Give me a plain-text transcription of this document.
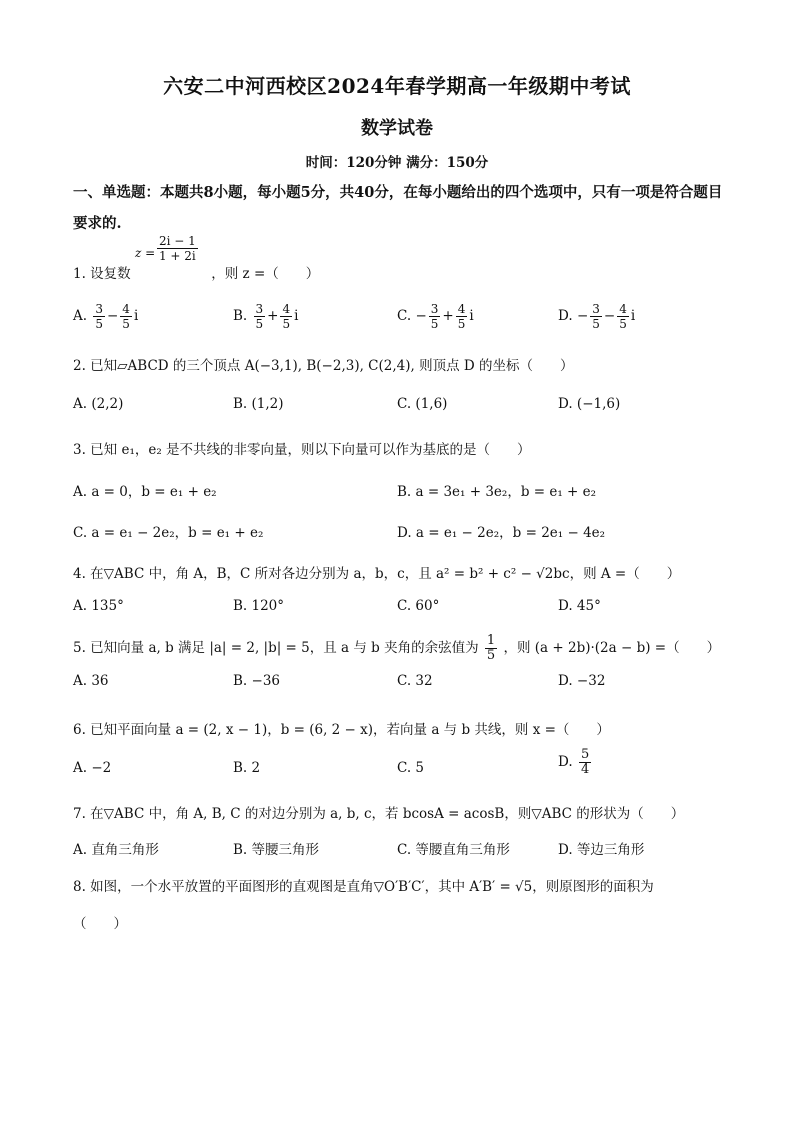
六安二中河西校区2024年春学期高一年级期中考试
数学试卷
时间：120分钟 满分：150分
一、单选题：本题共8小题，每小题5分，共40分，在每小题给出的四个选项中，只有一项是符合题目要求的.
1. 设复数
$z = \frac{2i - 1}{1 + 2i}$
，则 z =（　　）
A. $\frac{3}{5} - \frac{4}{5}$ i	B. $\frac{3}{5} + \frac{4}{5}$ i	C. − $\frac{3}{5} + \frac{4}{5}$ i	D. − $\frac{3}{5} - \frac{4}{5}$ i
2. 已知▱ABCD 的三个顶点 A(−3,1), B(−2,3), C(2,4), 则顶点 D 的坐标（　　）
A. (2,2)	B. (1,2)	C. (1,6)	D. (−1,6)
3. 已知 e₁，e₂ 是不共线的非零向量，则以下向量可以作为基底的是（　　）
A. a = 0，b = e₁ + e₂	B. a = 3e₁ + 3e₂，b = e₁ + e₂
C. a = e₁ − 2e₂，b = e₁ + e₂	D. a = e₁ − 2e₂，b = 2e₁ − 4e₂
4. 在▽ABC 中，角 A，B，C 所对各边分别为 a，b，c，且 a² = b² + c² − √2bc，则 A =（　　）
A. 135°	B. 120°	C. 60°	D. 45°
5. 已知向量 a, b 满足 |a| = 2, |b| = 5，且 a 与 b 夹角的余弦值为 $\frac{1}{5}$ ，则 (a + 2b)·(2a − b) =（　　）
A. 36	B. −36	C. 32	D. −32
6. 已知平面向量 a = (2, x − 1)，b = (6, 2 − x)，若向量 a 与 b 共线，则 x =（　　）
A. −2	B. 2	C. 5	D. $\frac{5}{4}$
7. 在▽ABC 中，角 A, B, C 的对边分别为 a, b, c，若 bcosA = acosB，则▽ABC 的形状为（　　）
A. 直角三角形	B. 等腰三角形	C. 等腰直角三角形	D. 等边三角形
8. 如图，一个水平放置的平面图形的直观图是直角▽O′B′C′，其中 A′B′ = √5，则原图形的面积为
（　　）
